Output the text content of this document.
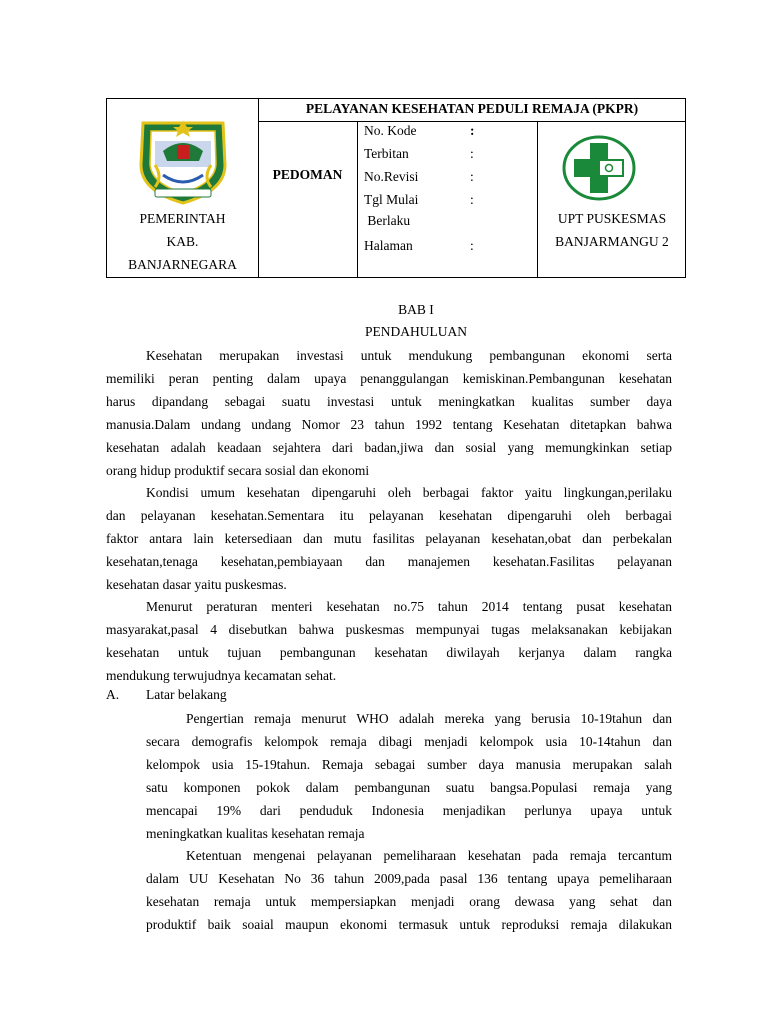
PELAYANAN KESEHATAN PEDULI REMAJA (PKPR)
PEMERINTAH
KAB.
BANJARNEGARA
PEDOMAN
No. Kode	:
Terbitan	:
No.Revisi	:
Tgl Mulai	:
Berlaku
Halaman	:
UPT PUSKESMAS
BANJARMANGU 2
BAB I
PENDAHULUAN
Kesehatan merupakan investasi untuk mendukung pembangunan ekonomi serta
memiliki peran penting dalam upaya penanggulangan kemiskinan.Pembangunan kesehatan
harus dipandang sebagai suatu investasi untuk meningkatkan kualitas sumber daya
manusia.Dalam undang undang Nomor 23 tahun 1992 tentang Kesehatan ditetapkan bahwa
kesehatan adalah keadaan sejahtera dari badan,jiwa dan sosial yang memungkinkan setiap
orang hidup produktif secara sosial dan ekonomi
Kondisi umum kesehatan dipengaruhi oleh berbagai faktor yaitu lingkungan,perilaku
dan pelayanan kesehatan.Sementara itu pelayanan kesehatan dipengaruhi oleh berbagai
faktor antara lain ketersediaan dan mutu fasilitas pelayanan kesehatan,obat dan perbekalan
kesehatan,tenaga kesehatan,pembiayaan dan manajemen kesehatan.Fasilitas pelayanan
kesehatan dasar yaitu puskesmas.
Menurut peraturan menteri kesehatan no.75 tahun 2014 tentang pusat kesehatan
masyarakat,pasal 4 disebutkan bahwa puskesmas mempunyai tugas melaksanakan kebijakan
kesehatan untuk tujuan pembangunan kesehatan diwilayah kerjanya dalam rangka
mendukung terwujudnya kecamatan sehat.
A. Latar belakang
Pengertian remaja menurut WHO adalah mereka yang berusia 10-19tahun dan
secara demografis kelompok remaja dibagi menjadi kelompok usia 10-14tahun dan
kelompok usia 15-19tahun. Remaja sebagai sumber daya manusia merupakan salah
satu komponen pokok dalam pembangunan suatu bangsa.Populasi remaja yang
mencapai 19% dari penduduk Indonesia menjadikan perlunya upaya untuk
meningkatkan kualitas kesehatan remaja
Ketentuan mengenai pelayanan pemeliharaan kesehatan pada remaja tercantum
dalam UU Kesehatan No 36 tahun 2009,pada pasal 136 tentang upaya pemeliharaan
kesehatan remaja untuk mempersiapkan menjadi orang dewasa yang sehat dan
produktif baik soaial maupun ekonomi termasuk untuk reproduksi remaja dilakukan
